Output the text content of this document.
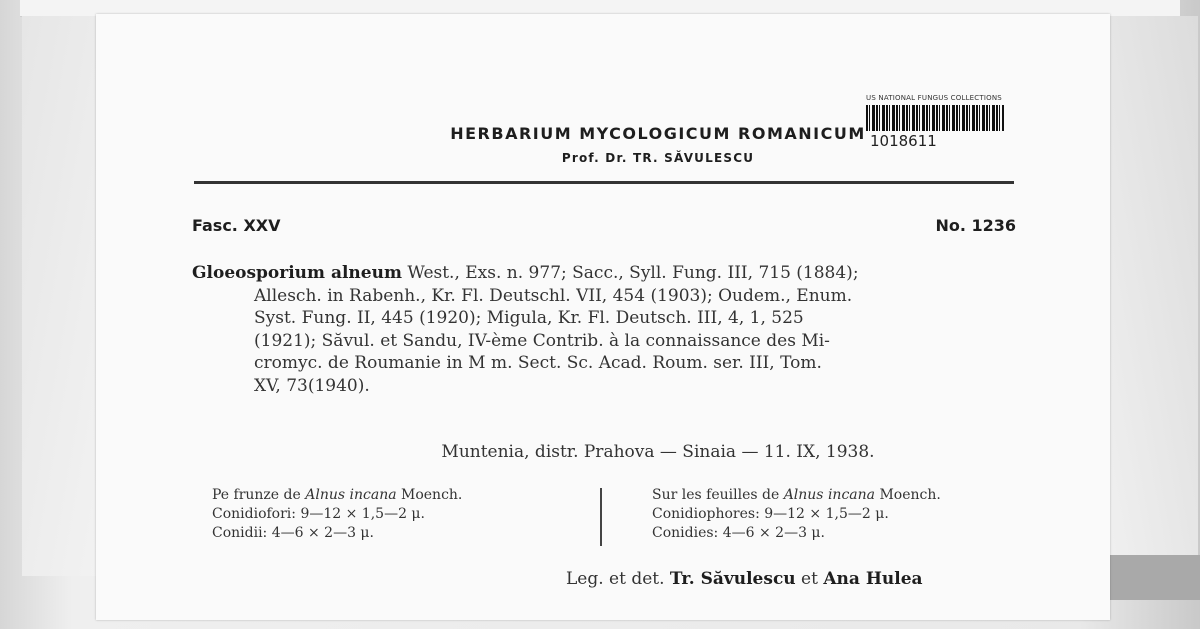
HERBARIUM MYCOLOGICUM ROMANICUM
Prof. Dr. TR. SĂVULESCU
US NATIONAL FUNGUS COLLECTIONS
1018611
Fasc. XXV	No. 1236
Gloeosporium alneum West., Exs. n. 977; Sacc., Syll. Fung. III, 715 (1884);
Allesch. in Rabenh., Kr. Fl. Deutschl. VII, 454 (1903); Oudem., Enum.
Syst. Fung. II, 445 (1920); Migula, Kr. Fl. Deutsch. III, 4, 1, 525
(1921); Săvul. et Sandu, IV-ème Contrib. à la connaissance des Mi-
cromyc. de Roumanie in M m. Sect. Sc. Acad. Roum. ser. III, Tom.
XV, 73(1940).
Muntenia, distr. Prahova — Sinaia — 11. IX, 1938.
Pe frunze de Alnus incana Moench.
Conidiofori: 9—12 × 1,5—2 μ.
Conidii: 4—6 × 2—3 μ.
Sur les feuilles de Alnus incana Moench.
Conidiophores: 9—12 × 1,5—2 μ.
Conidies: 4—6 × 2—3 μ.
Leg. et det. Tr. Săvulescu et Ana Hulea
